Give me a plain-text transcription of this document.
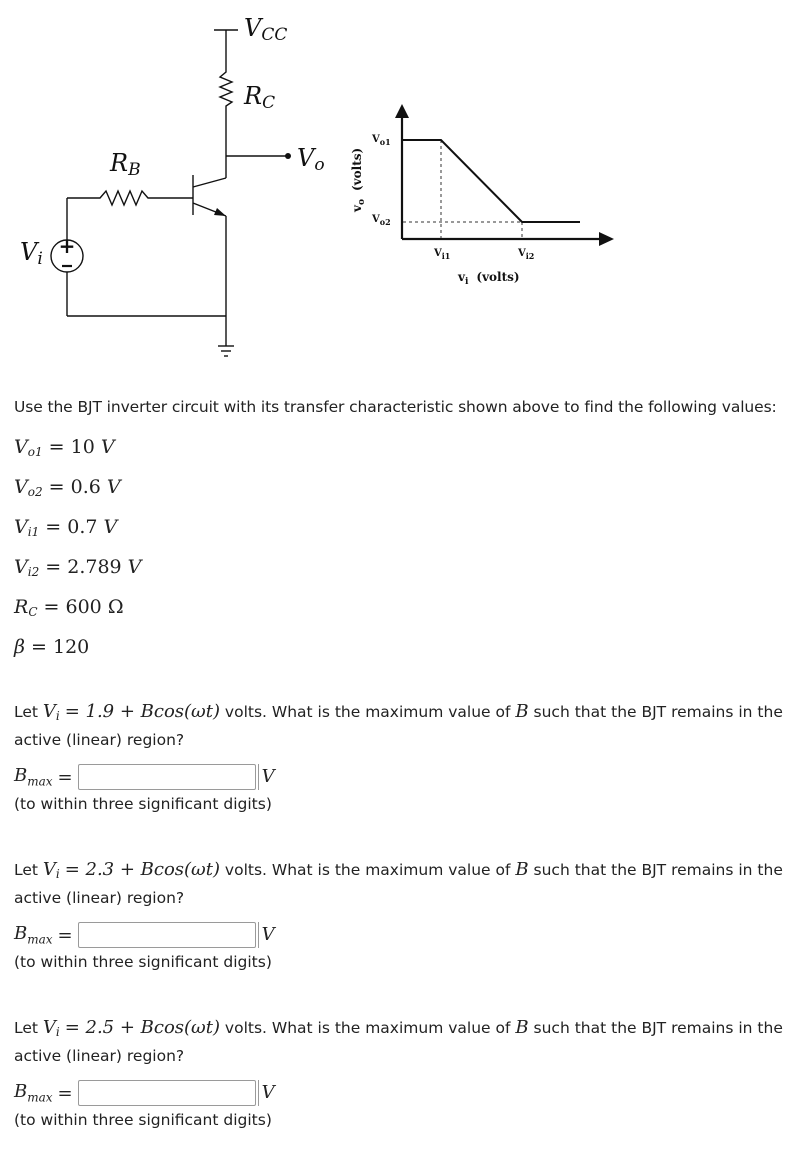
+
VCC
RC
Vo
RB
Vi
$V_{o1}$
$V_{o2}$
$V_{i1}$	$V_{i2}$
$v_i$ (volts)
$v_o(volts)$
Use the BJT inverter circuit with its transfer characteristic shown above to find the following values:
$V_{o1} = 10$ V
$V_{o2} = 0.6$ V
$V_{i1} = 0.7$ V
$V_{i2} = 2.789$ V
$R_C = 600$ Ω
β = 120
Let $V_i = 1.9 + Bcos(\omega t)$ volts. What is the maximum value of B such that the BJT remains in the active (linear) region?
$B_{max}$ =	V
(to within three significant digits)
Let $V_i = 2.3 + Bcos(\omega t)$ volts. What is the maximum value of B such that the BJT remains in the active (linear) region?
$B_{max}$ =	V
(to within three significant digits)
Let $V_i = 2.5 + Bcos(\omega t)$ volts. What is the maximum value of B such that the BJT remains in the active (linear) region?
$B_{max}$ =	V
(to within three significant digits)
